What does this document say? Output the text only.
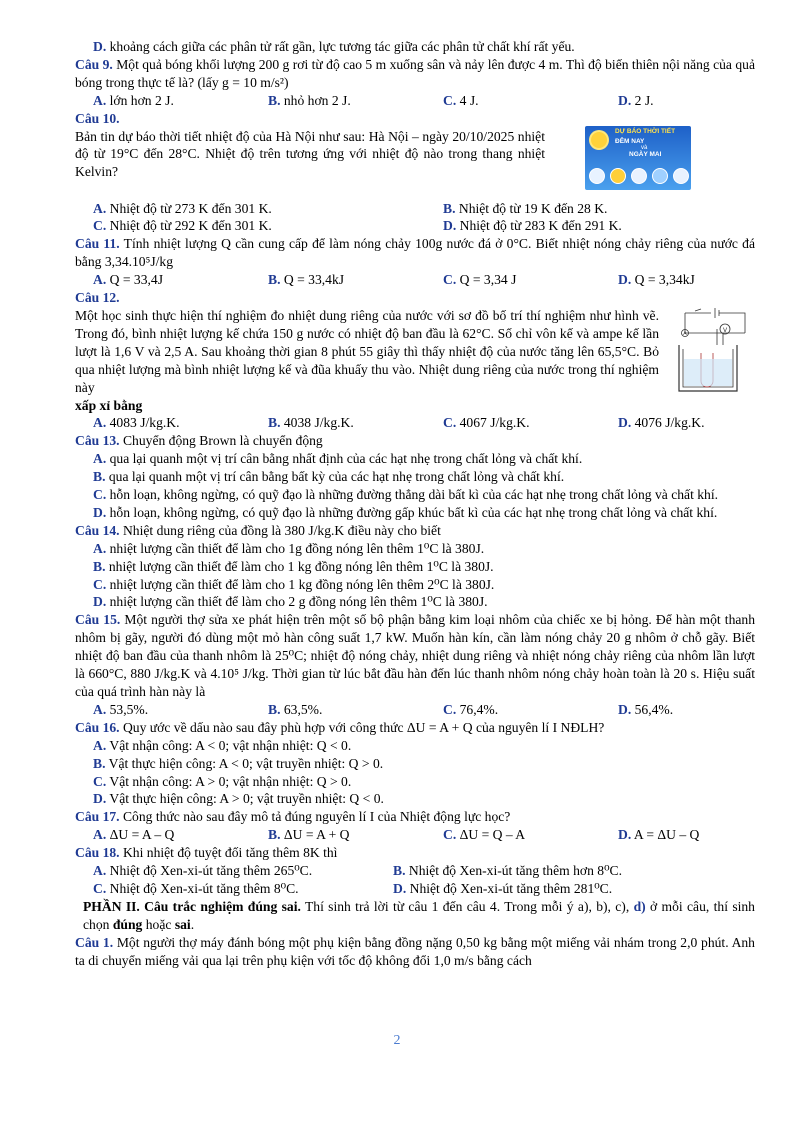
D. khoảng cách giữa các phân tử rất gần, lực tương tác giữa các phân tử chất khí rất yếu.

Câu 9. Một quả bóng khối lượng 200 g rơi từ độ cao 5 m xuống sân và nảy lên được 4 m. Thì độ biến thiên nội năng của quả bóng trong thực tế là? (lấy g = 10 m/s²)

A. lớn hơn 2 J.	B. nhỏ hơn 2 J.	C. 4 J.	D. 2 J.

Câu 10.

Bản tin dự báo thời tiết nhiệt độ của Hà Nội như sau: Hà Nội – ngày 20/10/2025 nhiệt độ từ 19°C đến 28°C. Nhiệt độ trên tương ứng với nhiệt độ nào trong thang nhiệt Kelvin?
DỰ BÁO THỜI TIẾT
ĐÊM NAY
và
NGÀY MAI
A. Nhiệt độ từ 273 K đến 301 K.	B. Nhiệt độ từ 19 K đến 28 K.
C. Nhiệt độ từ 292 K đến 301 K.	D. Nhiệt độ từ 283 K đến 291 K.

Câu 11. Tính nhiệt lượng Q cần cung cấp để làm nóng chảy 100g nước đá ở 0°C. Biết nhiệt nóng chảy riêng của nước đá bằng 3,34.10⁵J/kg

A. Q = 33,4J	B. Q = 33,4kJ	C. Q = 3,34 J	D. Q = 3,34kJ

Câu 12.

V
A

Một học sinh thực hiện thí nghiệm đo nhiệt dung riêng của nước với sơ đồ bố trí thí nghiệm như hình vẽ. Trong đó, bình nhiệt lượng kế chứa 150 g nước có nhiệt độ ban đầu là 62°C. Số chỉ vôn kế và ampe kế lần lượt là 1,6 V và 2,5 A. Sau khoảng thời gian 8 phút 55 giây thì thấy nhiệt độ của nước tăng lên 65,5°C. Bỏ qua nhiệt lượng mà bình nhiệt lượng kế và đũa khuấy thu vào. Nhiệt dung riêng của nước trong thí nghiệm này
xấp xỉ bằng

A. 4083 J/kg.K.	B. 4038 J/kg.K.	C. 4067 J/kg.K.	D. 4076 J/kg.K.

Câu 13. Chuyển động Brown là chuyển động

A. qua lại quanh một vị trí cân bằng nhất định của các hạt nhẹ trong chất lỏng và chất khí.

B. qua lại quanh một vị trí cân bằng bất kỳ của các hạt nhẹ trong chất lỏng và chất khí.

C. hỗn loạn, không ngừng, có quỹ đạo là những đường thẳng dài bất kì của các hạt nhẹ trong chất lỏng và chất khí.

D. hỗn loạn, không ngừng, có quỹ đạo là những đường gấp khúc bất kì của các hạt nhẹ trong chất lỏng và chất khí.

Câu 14. Nhiệt dung riêng của đồng là 380 J/kg.K điều này cho biết

A. nhiệt lượng cần thiết để làm cho 1g đồng nóng lên thêm 1⁰C là 380J.

B. nhiệt lượng cần thiết để làm cho 1 kg đồng nóng lên thêm 1⁰C là 380J.

C. nhiệt lượng cần thiết để làm cho 1 kg đồng nóng lên thêm 2⁰C là 380J.

D. nhiệt lượng cần thiết để làm cho 2 g đồng nóng lên thêm 1⁰C là 380J.

Câu 15. Một người thợ sửa xe phát hiện trên một số bộ phận bằng kim loại nhôm của chiếc xe bị hỏng. Để hàn một thanh nhôm bị gãy, người đó dùng một mỏ hàn công suất 1,7 kW. Muốn hàn kín, cần làm nóng chảy 20 g nhôm ở chỗ gãy. Biết nhiệt độ ban đầu của thanh nhôm là 25⁰C; nhiệt độ nóng chảy, nhiệt dung riêng và nhiệt nóng chảy riêng của nhôm lần lượt là 660°C, 880 J/kg.K và 4.10⁵ J/kg. Thời gian từ lúc bắt đầu hàn đến lúc thanh nhôm nóng chảy hoàn toàn là 20 s. Hiệu suất của quá trình hàn này là

A. 53,5%.	B. 63,5%.	C. 76,4%.	D. 56,4%.

Câu 16. Quy ước về dấu nào sau đây phù hợp với công thức ΔU = A + Q của nguyên lí I NĐLH?

A. Vật nhận công: A < 0; vật nhận nhiệt: Q < 0.

B. Vật thực hiện công: A < 0; vật truyền nhiệt: Q > 0.

C. Vật nhận công: A > 0; vật nhận nhiệt: Q > 0.

D. Vật thực hiện công: A > 0; vật truyền nhiệt: Q < 0.

Câu 17. Công thức nào sau đây mô tả đúng nguyên lí I của Nhiệt động lực học?

A. ΔU = A – Q	B. ΔU = A + Q	C. ΔU = Q – A	D. A = ΔU – Q

Câu 18. Khi nhiệt độ tuyệt đối tăng thêm 8K thì

A. Nhiệt độ Xen-xi-út tăng thêm 265⁰C.	B. Nhiệt độ Xen-xi-út tăng thêm hơn 8⁰C.
C. Nhiệt độ Xen-xi-út tăng thêm 8⁰C.	D. Nhiệt độ Xen-xi-út tăng thêm 281⁰C.

PHẦN II. Câu trắc nghiệm đúng sai. Thí sinh trả lời từ câu 1 đến câu 4. Trong mỗi ý a), b), c), d) ở mỗi câu, thí sinh chọn đúng hoặc sai.

Câu 1. Một người thợ máy đánh bóng một phụ kiện bằng đồng nặng 0,50 kg bằng một miếng vải nhám trong 2,0 phút. Anh ta di chuyển miếng vải qua lại trên phụ kiện với tốc độ không đổi 1,0 m/s bằng cách

2
